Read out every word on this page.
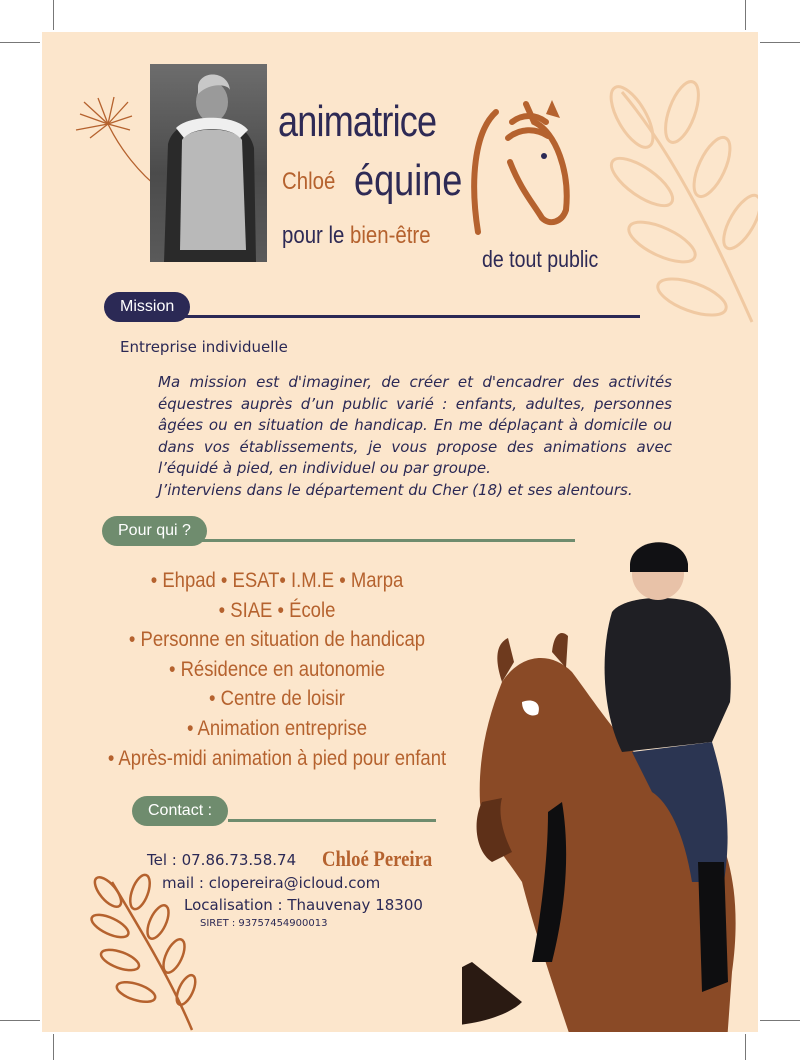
animatrice
Chloé équine
pour le bien-être
de tout public
Mission
Entreprise individuelle
Ma mission est d'imaginer, de créer et d'encadrer des activités équestres auprès d’un public varié : enfants, adultes, personnes âgées ou en situation de handicap. En me déplaçant à domicile ou dans vos établissements, je vous propose des animations avec l’équidé à pied, en individuel ou par groupe.
J’interviens dans le département du Cher (18) et ses alentours.
Pour qui ?
• Ehpad • ESAT• I.M.E • Marpa
• SIAE • École
• Personne en situation de handicap
• Résidence en autonomie
• Centre de loisir
• Animation entreprise
• Après-midi animation à pied pour enfant
Contact :
Tel : 07.86.73.58.74 Chloé Pereira
mail : clopereira@icloud.com
Localisation : Thauvenay 18300
SIRET : 93757454900013
